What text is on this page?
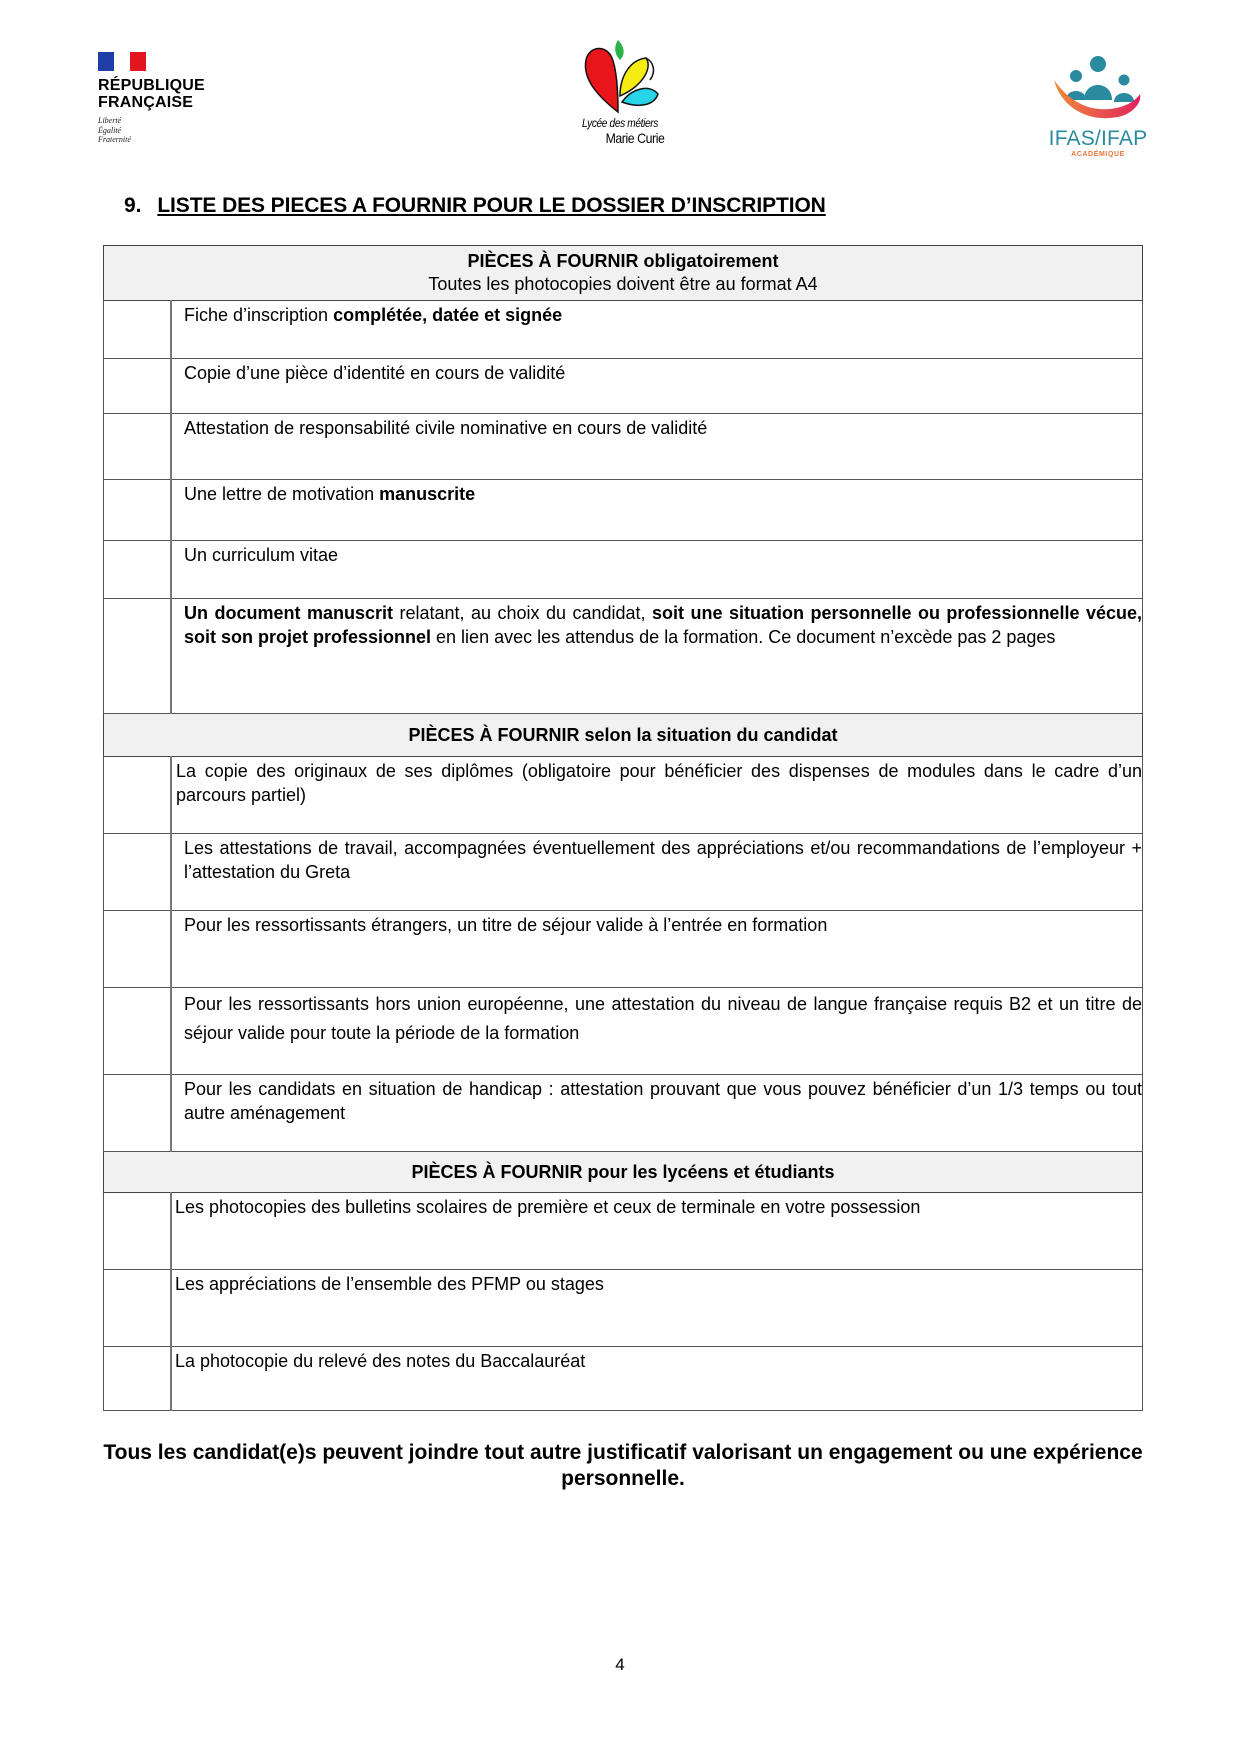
RÉPUBLIQUE
FRANÇAISE
Liberté
Égalité
Fraternité
Lycée des métiers
Marie Curie	IFAS/IFAP
ACADÉMIQUE
9. LISTE DES PIECES A FOURNIR POUR LE DOSSIER D’INSCRIPTION
PIÈCES À FOURNIR obligatoirement
Toutes les photocopies doivent être au format A4	

	Fiche d’inscription complétée, datée et signée
	Copie d’une pièce d’identité en cours de validité
	Attestation de responsabilité civile nominative en cours de validité
	Une lettre de motivation manuscrite
	Un curriculum vitae
	Un document manuscrit relatant, au choix du candidat, soit une situation personnelle ou professionnelle vécue, soit son projet professionnel en lien avec les attendus de la formation. Ce document n’excède pas 2 pages

PIÈCES À FOURNIR selon la situation du candidat	

	La copie des originaux de ses diplômes (obligatoire pour bénéficier des dispenses de modules dans le cadre d’un parcours partiel)
	Les attestations de travail, accompagnées éventuellement des appréciations et/ou recommandations de l’employeur + l’attestation du Greta
	Pour les ressortissants étrangers, un titre de séjour valide à l’entrée en formation
	Pour les ressortissants hors union européenne, une attestation du niveau de langue française requis B2 et un titre de séjour valide pour toute la période de la formation
	Pour les candidats en situation de handicap : attestation prouvant que vous pouvez bénéficier d’un 1/3 temps ou tout autre aménagement

PIÈCES À FOURNIR pour les lycéens et étudiants	

	Les photocopies des bulletins scolaires de première et ceux de terminale en votre possession
	Les appréciations de l’ensemble des PFMP ou stages
	La photocopie du relevé des notes du Baccalauréat
Tous les candidat(e)s peuvent joindre tout autre justificatif valorisant un engagement ou une expérience personnelle.
4
